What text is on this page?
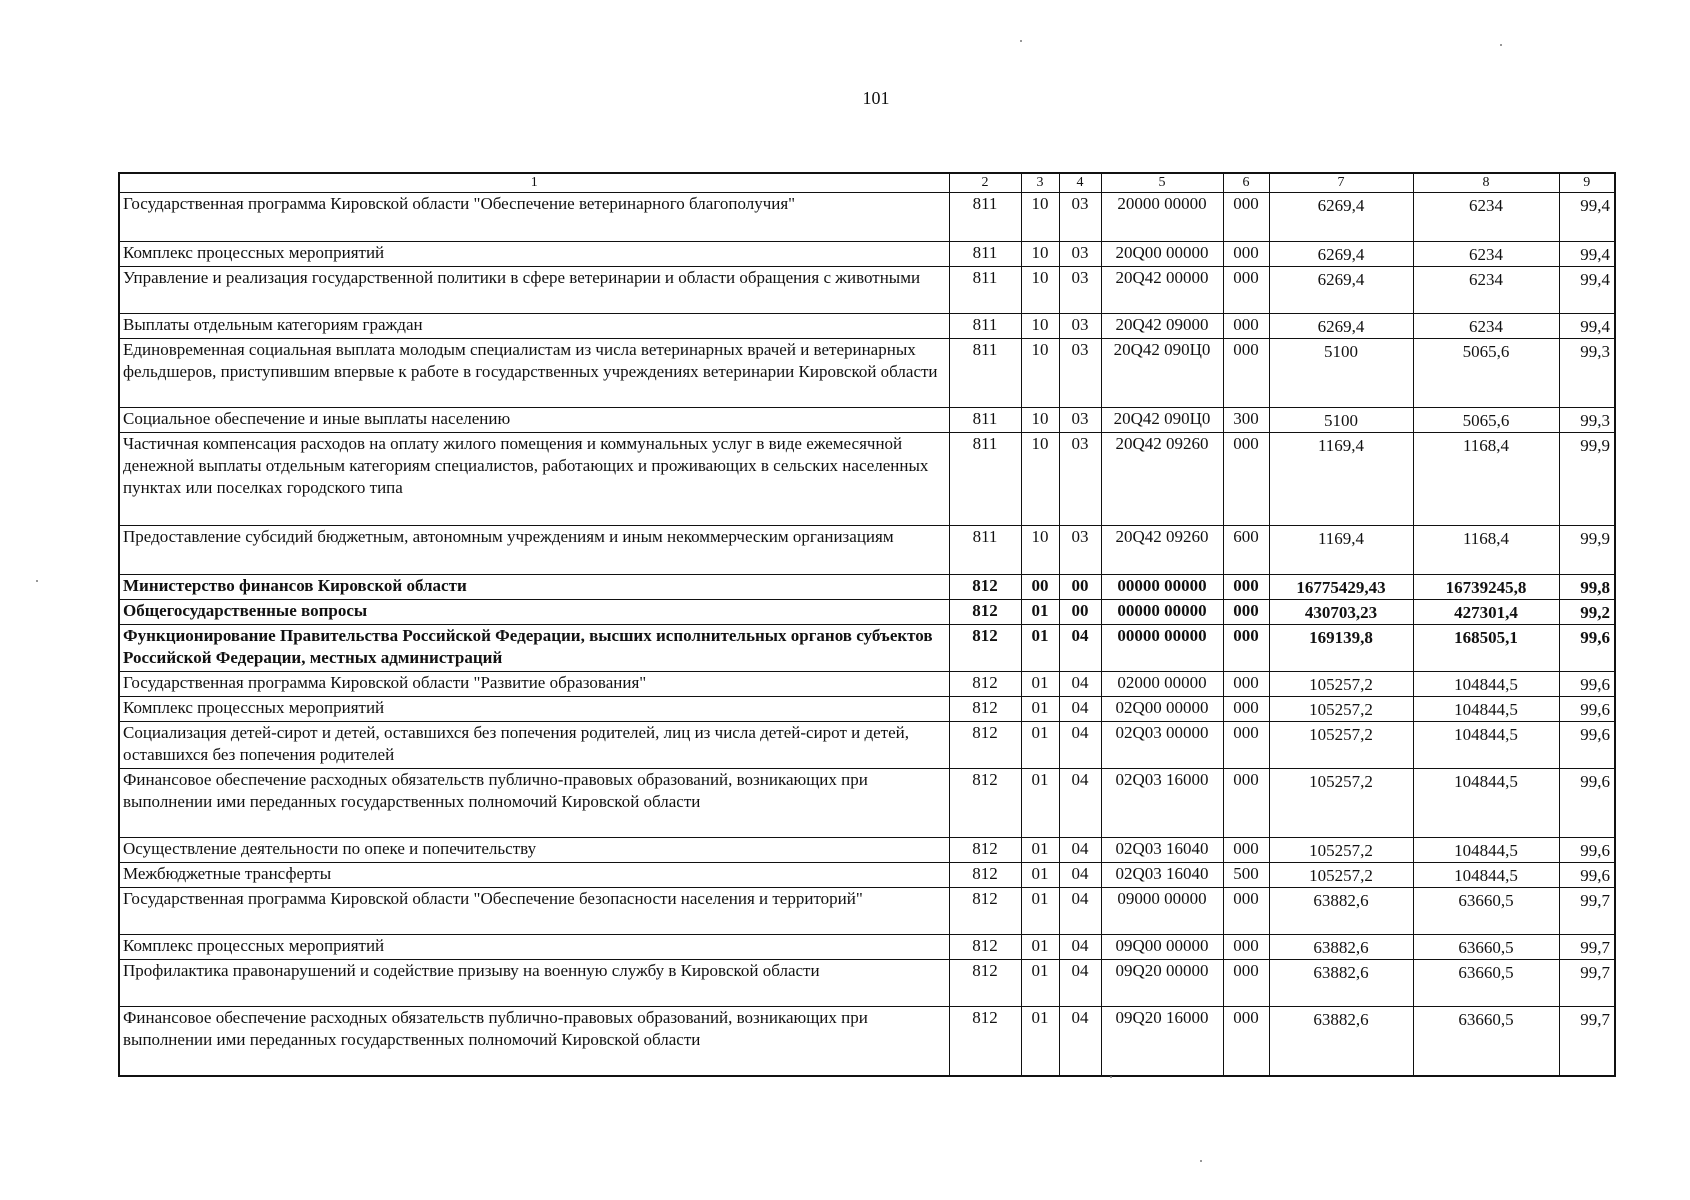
101
1	2	3	4	5	6	7	8	9
Государственная программа Кировской области "Обеспечение ветеринарного благополучия"	811	10	03	20000 00000	000	6269,4	6234	99,4
Комплекс процессных мероприятий	811	10	03	20Q00 00000	000	6269,4	6234	99,4
Управление и реализация государственной политики в сфере ветеринарии и области обращения с животными	811	10	03	20Q42 00000	000	6269,4	6234	99,4
Выплаты отдельным категориям граждан	811	10	03	20Q42 09000	000	6269,4	6234	99,4
Единовременная социальная выплата молодым специалистам из числа ветеринарных врачей и ветеринарных фельдшеров, приступившим впервые к работе в государственных учреждениях ветеринарии Кировской области	811	10	03	20Q42 090Ц0	000	5100	5065,6	99,3
Социальное обеспечение и иные выплаты населению	811	10	03	20Q42 090Ц0	300	5100	5065,6	99,3
Частичная компенсация расходов на оплату жилого помещения и коммунальных услуг в виде ежемесячной денежной выплаты отдельным категориям специалистов, работающих и проживающих в сельских населенных пунктах или поселках городского типа	811	10	03	20Q42 09260	000	1169,4	1168,4	99,9
Предоставление субсидий бюджетным, автономным учреждениям и иным некоммерческим организациям	811	10	03	20Q42 09260	600	1169,4	1168,4	99,9
Министерство финансов Кировской области	812	00	00	00000 00000	000	16775429,43	16739245,8	99,8
Общегосударственные вопросы	812	01	00	00000 00000	000	430703,23	427301,4	99,2
Функционирование Правительства Российской Федерации, высших исполнительных органов субъектов Российской Федерации, местных администраций	812	01	04	00000 00000	000	169139,8	168505,1	99,6
Государственная программа Кировской области "Развитие образования"	812	01	04	02000 00000	000	105257,2	104844,5	99,6
Комплекс процессных мероприятий	812	01	04	02Q00 00000	000	105257,2	104844,5	99,6
Социализация детей-сирот и детей, оставшихся без попечения родителей, лиц из числа детей-сирот и детей, оставшихся без попечения родителей	812	01	04	02Q03 00000	000	105257,2	104844,5	99,6
Финансовое обеспечение расходных обязательств публично-правовых образований, возникающих при выполнении ими переданных государственных полномочий Кировской области	812	01	04	02Q03 16000	000	105257,2	104844,5	99,6
Осуществление деятельности по опеке и попечительству	812	01	04	02Q03 16040	000	105257,2	104844,5	99,6
Межбюджетные трансферты	812	01	04	02Q03 16040	500	105257,2	104844,5	99,6
Государственная программа Кировской области "Обеспечение безопасности населения и территорий"	812	01	04	09000 00000	000	63882,6	63660,5	99,7
Комплекс процессных мероприятий	812	01	04	09Q00 00000	000	63882,6	63660,5	99,7
Профилактика правонарушений и содействие призыву на военную службу в Кировской области	812	01	04	09Q20 00000	000	63882,6	63660,5	99,7
Финансовое обеспечение расходных обязательств публично-правовых образований, возникающих при выполнении ими переданных государственных полномочий Кировской области	812	01	04	09Q20 16000	000	63882,6	63660,5	99,7
